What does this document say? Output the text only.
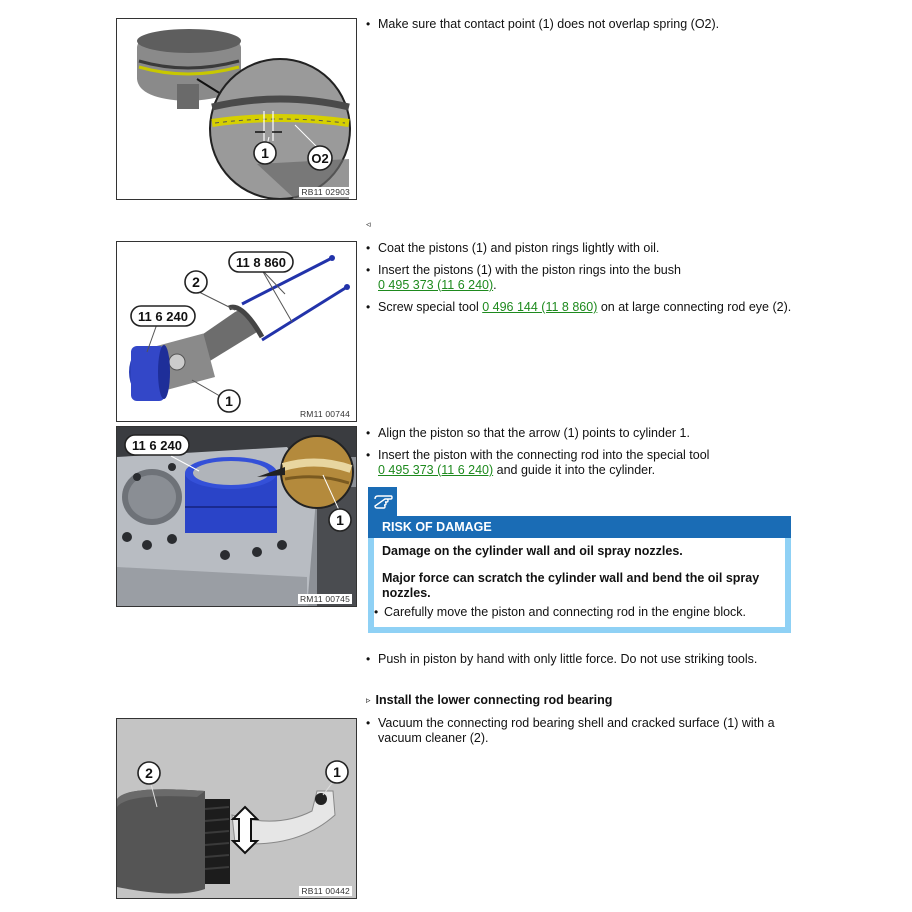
1	O2
RB11 02903
• Make sure that contact point (1) does not overlap spring (O2).
◃
11 8 860
2
11 6 240
1
RM11 00744
• Coat the pistons (1) and piston rings lightly with oil.
• Insert the pistons (1) with the piston rings into the bush
0 495 373 (11 6 240).
• Screw special tool 0 496 144 (11 8 860) on at large connecting rod eye (2).
11 6 240
1
RM11 00745
• Align the piston so that the arrow (1) points to cylinder 1.
• Insert the piston with the connecting rod into the special tool
0 495 373 (11 6 240) and guide it into the cylinder.
RISK OF DAMAGE

Damage on the cylinder wall and oil spray nozzles.

Major force can scratch the cylinder wall and bend the oil spray nozzles.

• Carefully move the piston and connecting rod in the engine block.
• Push in piston by hand with only little force. Do not use striking tools.
▹ Install the lower connecting rod bearing
2	1
RB11 00442
• Vacuum the connecting rod bearing shell and cracked surface (1) with a vacuum cleaner (2).
